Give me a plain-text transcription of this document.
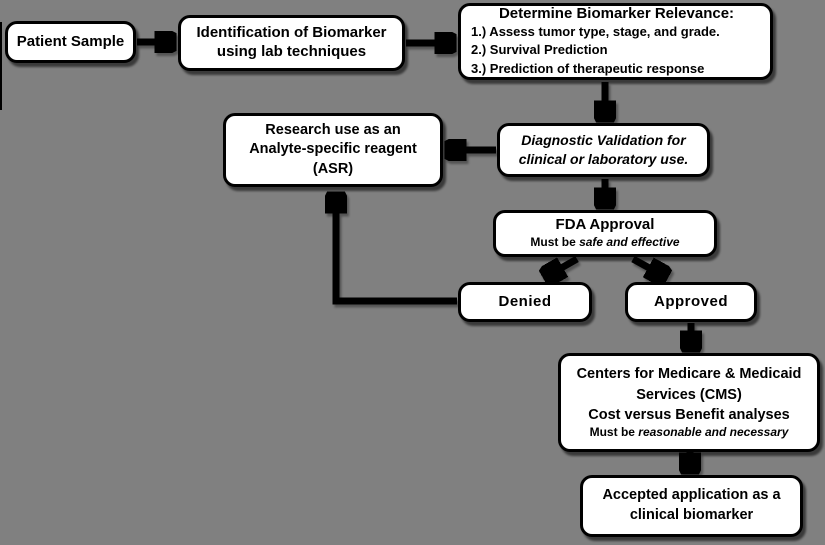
Patient Sample	Identification of Biomarker
using lab techniques
Determine Biomarker Relevance:
1.) Assess tumor type, stage, and grade.
2.) Survival Prediction
3.) Prediction of therapeutic response
Research use as an
Analyte-specific reagent
(ASR)
Diagnostic Validation for
clinical or laboratory use.
FDA Approval
Must be safe and effective
Denied	Approved
Centers for Medicare & Medicaid
Services (CMS)
Cost versus Benefit analyses
Must be reasonable and necessary
Accepted application as a
clinical biomarker
